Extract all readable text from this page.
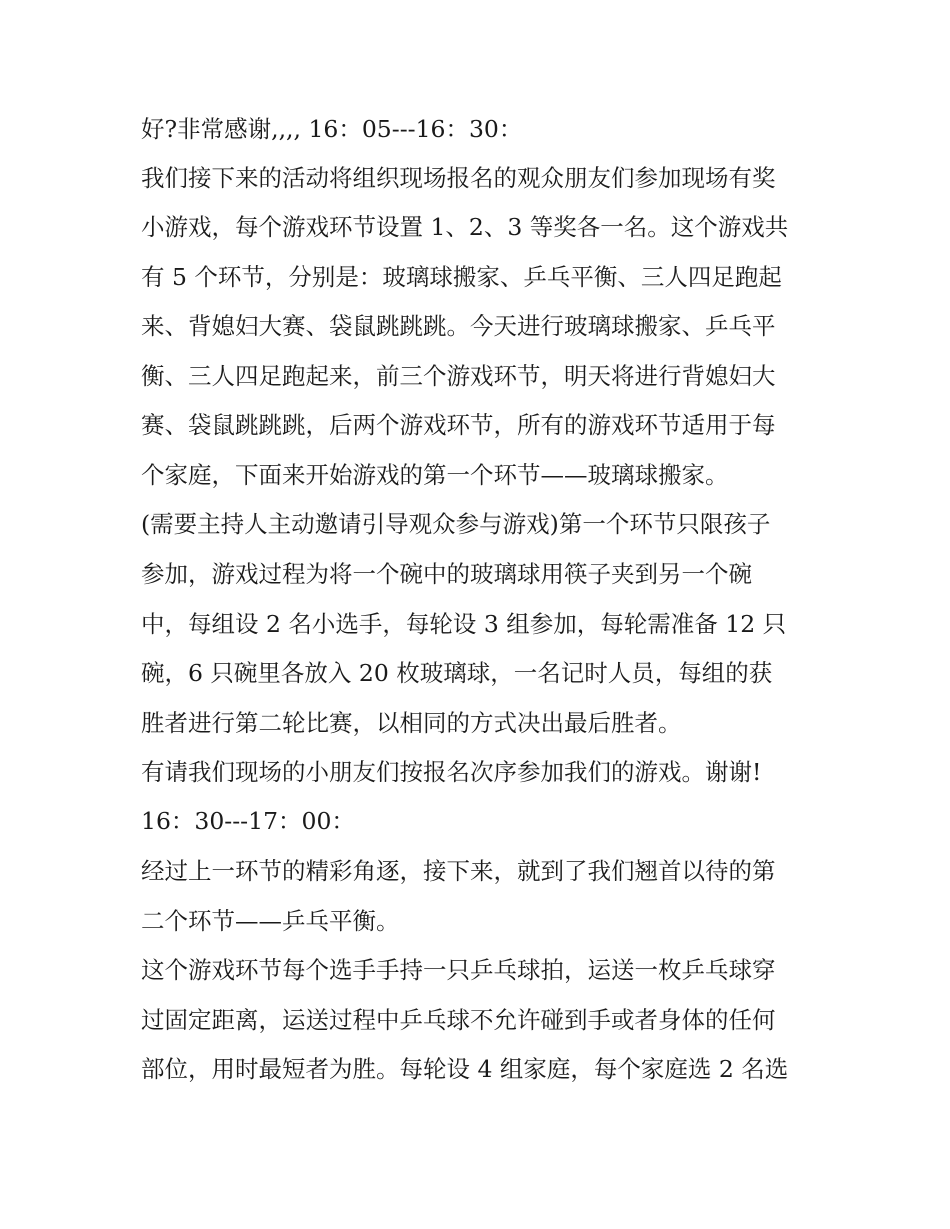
好?非常感谢,,,, 16：05---16：30：
我们接下来的活动将组织现场报名的观众朋友们参加现场有奖
小游戏，每个游戏环节设置 1、2、3 等奖各一名。这个游戏共
有 5 个环节，分别是：玻璃球搬家、乒乓平衡、三人四足跑起
来、背媳妇大赛、袋鼠跳跳跳。今天进行玻璃球搬家、乒乓平
衡、三人四足跑起来，前三个游戏环节，明天将进行背媳妇大
赛、袋鼠跳跳跳，后两个游戏环节，所有的游戏环节适用于每
个家庭，下面来开始游戏的第一个环节——玻璃球搬家。
(需要主持人主动邀请引导观众参与游戏)第一个环节只限孩子
参加，游戏过程为将一个碗中的玻璃球用筷子夹到另一个碗
中，每组设 2 名小选手，每轮设 3 组参加，每轮需准备 12 只
碗，6 只碗里各放入 20 枚玻璃球，一名记时人员，每组的获
胜者进行第二轮比赛，以相同的方式决出最后胜者。
有请我们现场的小朋友们按报名次序参加我们的游戏。谢谢!
16：30---17：00：
经过上一环节的精彩角逐，接下来，就到了我们翘首以待的第
二个环节——乒乓平衡。
这个游戏环节每个选手手持一只乒乓球拍，运送一枚乒乓球穿
过固定距离，运送过程中乒乓球不允许碰到手或者身体的任何
部位，用时最短者为胜。每轮设 4 组家庭，每个家庭选 2 名选
